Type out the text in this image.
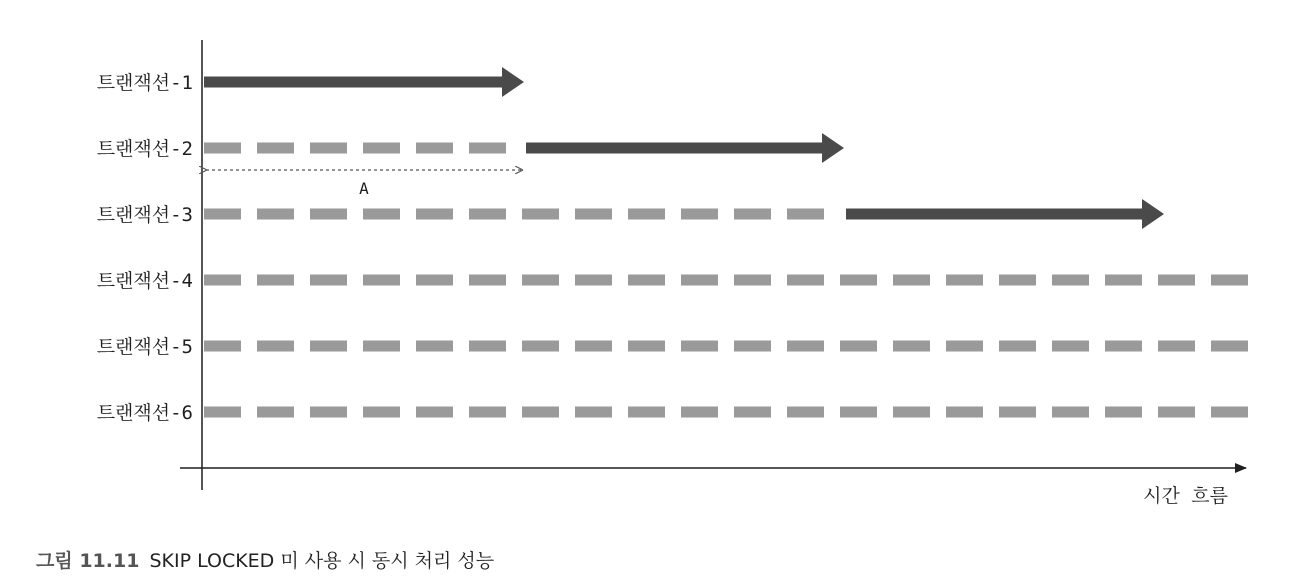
시간 흐름
트랜잭션-1
트랜잭션-2
트랜잭션-3
트랜잭션-4
트랜잭션-5
트랜잭션-6
A
그림 11.11 SKIP LOCKED 미 사용 시 동시 처리 성능
